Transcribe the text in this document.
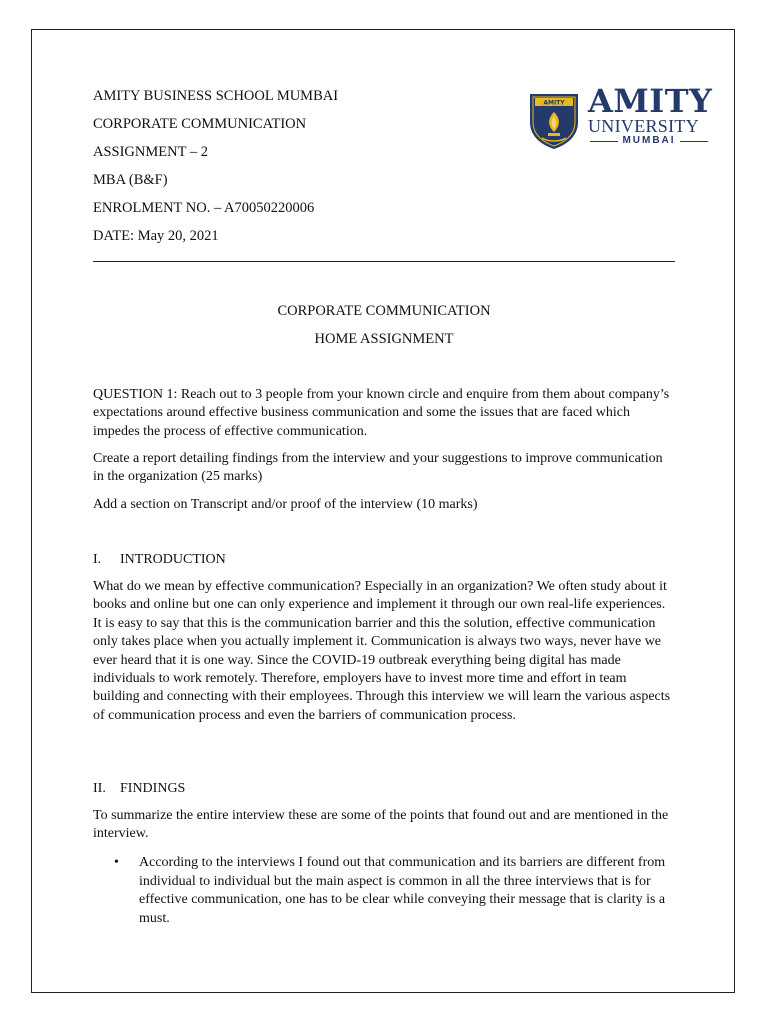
AMITY BUSINESS SCHOOL MUMBAI
CORPORATE COMMUNICATION
ASSIGNMENT – 2
MBA (B&F)
ENROLMENT NO. – A70050220006
DATE: May 20, 2021
AMITY AMITY
UNIVERSITY
MUMBAI
CORPORATE COMMUNICATION
HOME ASSIGNMENT
QUESTION 1: Reach out to 3 people from your known circle and enquire from them about company’s expectations around effective business communication and some the issues that are faced which impedes the process of effective communication.
Create a report detailing findings from the interview and your suggestions to improve communication in the organization (25 marks)
Add a section on Transcript and/or proof of the interview (10 marks)
I. INTRODUCTION
What do we mean by effective communication? Especially in an organization? We often study about it books and online but one can only experience and implement it through our own real-life experiences. It is easy to say that this is the communication barrier and this the solution, effective communication only takes place when you actually implement it. Communication is always two ways, never have we ever heard that it is one way. Since the COVID-19 outbreak everything being digital has made individuals to work remotely. Therefore, employers have to invest more time and effort in team building and connecting with their employees. Through this interview we will learn the various aspects of communication process and even the barriers of communication process.
II. FINDINGS
To summarize the entire interview these are some of the points that found out and are mentioned in the interview.
• According to the interviews I found out that communication and its barriers are different from individual to individual but the main aspect is common in all the three interviews that is for effective communication, one has to be clear while conveying their message that is clarity is a must.
